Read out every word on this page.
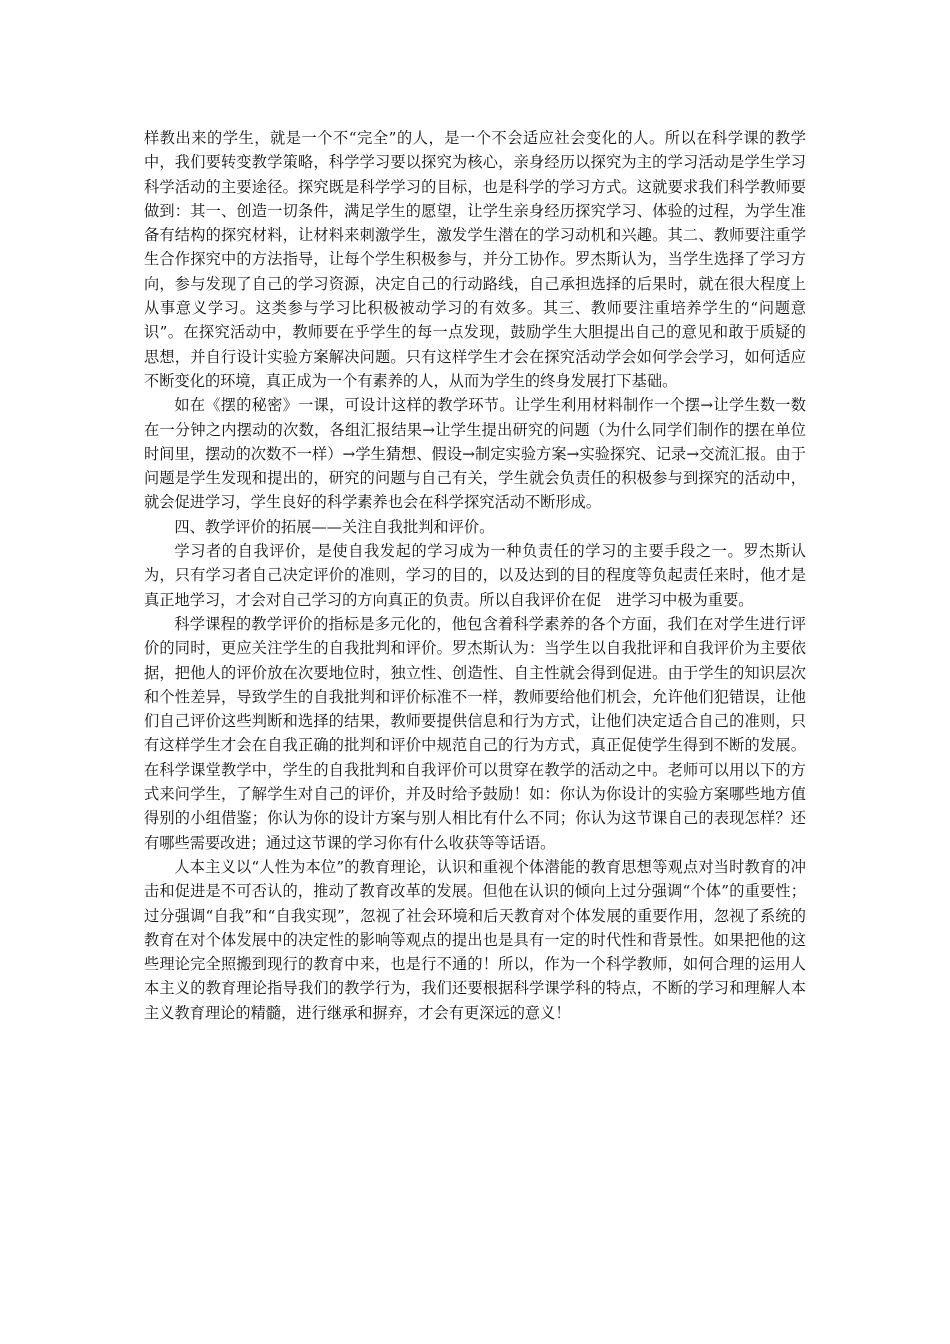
样教出来的学生，就是一个不“完全”的人，是一个不会适应社会变化的人。所以在科学课的教学中，我们要转变教学策略，科学学习要以探究为核心，亲身经历以探究为主的学习活动是学生学习科学活动的主要途径。探究既是科学学习的目标，也是科学的学习方式。这就要求我们科学教师要做到：其一、创造一切条件，满足学生的愿望，让学生亲身经历探究学习、体验的过程，为学生准备有结构的探究材料，让材料来刺激学生，激发学生潜在的学习动机和兴趣。其二、教师要注重学生合作探究中的方法指导，让每个学生积极参与，并分工协作。罗杰斯认为，当学生选择了学习方向，参与发现了自己的学习资源，决定自己的行动路线，自己承担选择的后果时，就在很大程度上从事意义学习。这类参与学习比积极被动学习的有效多。其三、教师要注重培养学生的“问题意识”。在探究活动中，教师要在乎学生的每一点发现，鼓励学生大胆提出自己的意见和敢于质疑的思想，并自行设计实验方案解决问题。只有这样学生才会在探究活动学会如何学会学习，如何适应不断变化的环境，真正成为一个有素养的人，从而为学生的终身发展打下基础。

如在《摆的秘密》一课，可设计这样的教学环节。让学生利用材料制作一个摆→让学生数一数在一分钟之内摆动的次数，各组汇报结果→让学生提出研究的问题（为什么同学们制作的摆在单位时间里，摆动的次数不一样）→学生猜想、假设→制定实验方案→实验探究、记录→交流汇报。由于问题是学生发现和提出的，研究的问题与自己有关，学生就会负责任的积极参与到探究的活动中，就会促进学习，学生良好的科学素养也会在科学探究活动不断形成。

四、教学评价的拓展——关注自我批判和评价。

学习者的自我评价，是使自我发起的学习成为一种负责任的学习的主要手段之一。罗杰斯认为，只有学习者自己决定评价的准则，学习的目的，以及达到的目的程度等负起责任来时，他才是真正地学习，才会对自己学习的方向真正的负责。所以自我评价在促　进学习中极为重要。

科学课程的教学评价的指标是多元化的，他包含着科学素养的各个方面，我们在对学生进行评价的同时，更应关注学生的自我批判和评价。罗杰斯认为：当学生以自我批评和自我评价为主要依据，把他人的评价放在次要地位时，独立性、创造性、自主性就会得到促进。由于学生的知识层次和个性差异，导致学生的自我批判和评价标准不一样，教师要给他们机会，允许他们犯错误，让他们自己评价这些判断和选择的结果，教师要提供信息和行为方式，让他们决定适合自己的准则，只有这样学生才会在自我正确的批判和评价中规范自己的行为方式，真正促使学生得到不断的发展。在科学课堂教学中，学生的自我批判和自我评价可以贯穿在教学的活动之中。老师可以用以下的方式来问学生，了解学生对自己的评价，并及时给予鼓励！如：你认为你设计的实验方案哪些地方值得别的小组借鉴；你认为你的设计方案与别人相比有什么不同；你认为这节课自己的表现怎样？还有哪些需要改进；通过这节课的学习你有什么收获等等话语。

人本主义以“人性为本位”的教育理论，认识和重视个体潜能的教育思想等观点对当时教育的冲击和促进是不可否认的，推动了教育改革的发展。但他在认识的倾向上过分强调“个体”的重要性；过分强调“自我”和“自我实现”，忽视了社会环境和后天教育对个体发展的重要作用，忽视了系统的教育在对个体发展中的决定性的影响等观点的提出也是具有一定的时代性和背景性。如果把他的这些理论完全照搬到现行的教育中来，也是行不通的！所以，作为一个科学教师，如何合理的运用人本主义的教育理论指导我们的教学行为，我们还要根据科学课学科的特点，不断的学习和理解人本主义教育理论的精髓，进行继承和摒弃，才会有更深远的意义！
